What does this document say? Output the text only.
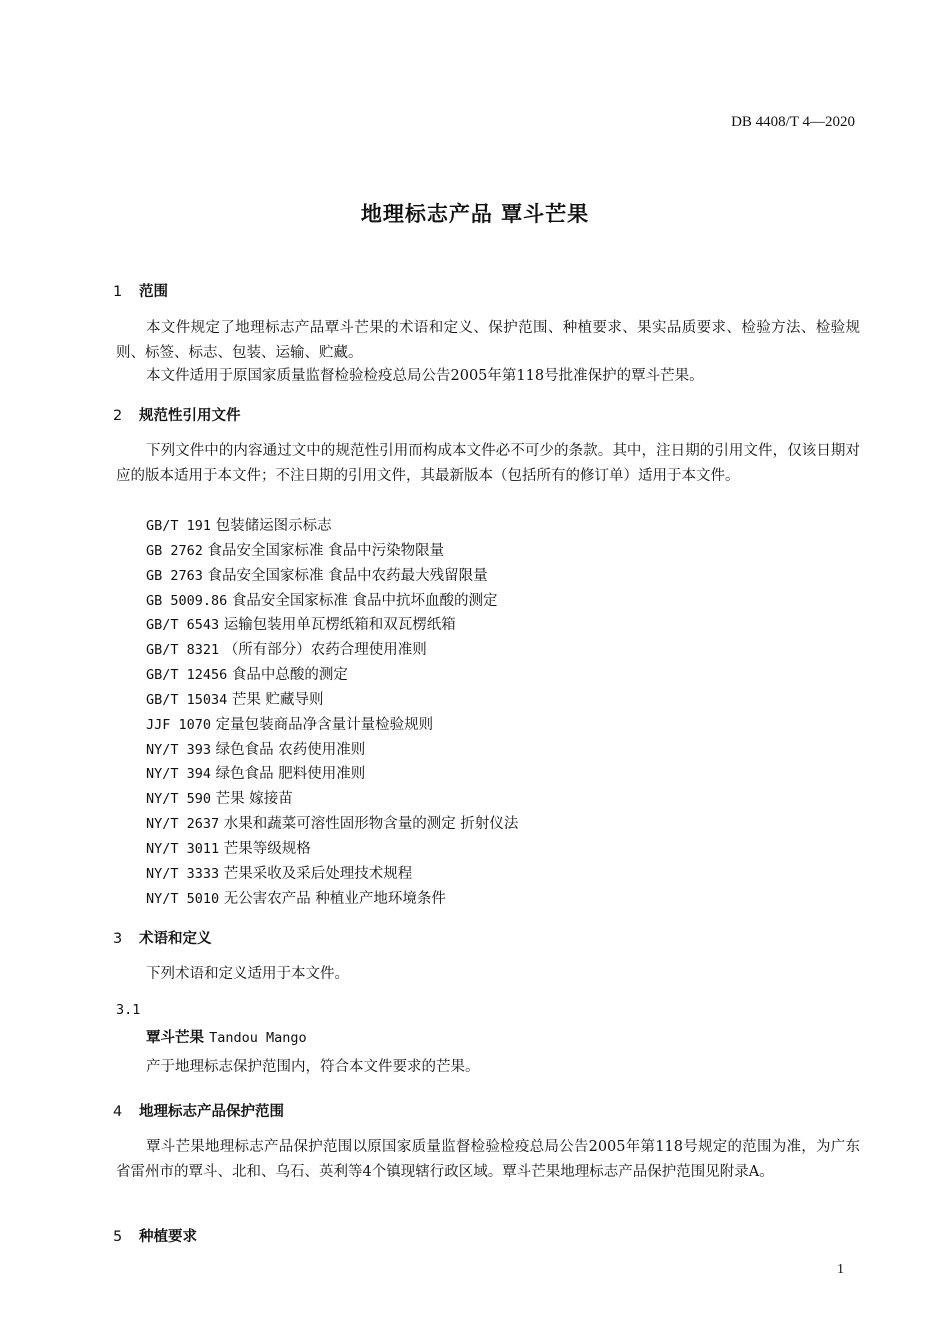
DB 4408/T 4—2020
地理标志产品 覃斗芒果
1 范围

本文件规定了地理标志产品覃斗芒果的术语和定义、保护范围、种植要求、果实品质要求、检验方法、检验规则、标签、标志、包装、运输、贮藏。

本文件适用于原国家质量监督检验检疫总局公告2005年第118号批准保护的覃斗芒果。

2 规范性引用文件

下列文件中的内容通过文中的规范性引用而构成本文件必不可少的条款。其中，注日期的引用文件，仅该日期对应的版本适用于本文件；不注日期的引用文件，其最新版本（包括所有的修订单）适用于本文件。

GB/T 191 包装储运图示标志
GB 2762 食品安全国家标准 食品中污染物限量
GB 2763 食品安全国家标准 食品中农药最大残留限量
GB 5009.86 食品安全国家标准 食品中抗坏血酸的测定
GB/T 6543 运输包装用单瓦楞纸箱和双瓦楞纸箱
GB/T 8321 （所有部分）农药合理使用准则
GB/T 12456 食品中总酸的测定
GB/T 15034 芒果 贮藏导则
JJF 1070 定量包装商品净含量计量检验规则
NY/T 393 绿色食品 农药使用准则
NY/T 394 绿色食品 肥料使用准则
NY/T 590 芒果 嫁接苗
NY/T 2637 水果和蔬菜可溶性固形物含量的测定 折射仪法
NY/T 3011 芒果等级规格
NY/T 3333 芒果采收及采后处理技术规程
NY/T 5010 无公害农产品 种植业产地环境条件
3 术语和定义

下列术语和定义适用于本文件。

3.1
覃斗芒果 Tandou Mango

产于地理标志保护范围内，符合本文件要求的芒果。

4 地理标志产品保护范围

覃斗芒果地理标志产品保护范围以原国家质量监督检验检疫总局公告2005年第118号规定的范围为准，为广东省雷州市的覃斗、北和、乌石、英利等4个镇现辖行政区域。覃斗芒果地理标志产品保护范围见附录A。

5 种植要求
1
